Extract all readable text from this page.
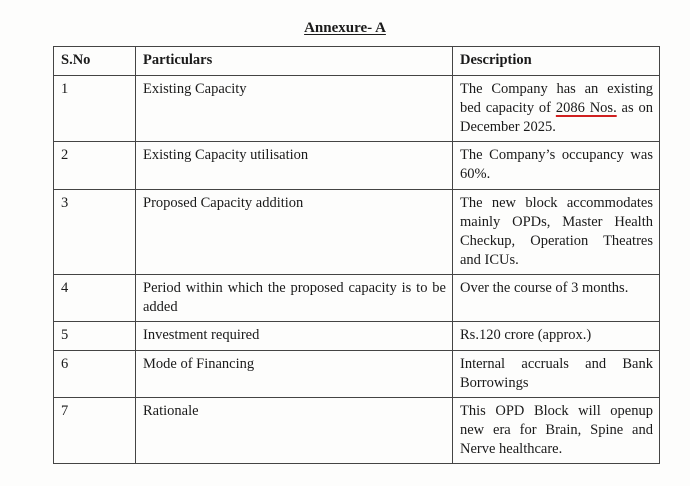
Annexure- A
S.No	Particulars	Description
1	Existing Capacity	The Company has an existing bed capacity of 2086 Nos. as on December 2025.
2	Existing Capacity utilisation	The Company’s occupancy was 60%.
3	Proposed Capacity addition	The new block accommodates mainly OPDs, Master Health Checkup, Operation Theatres and ICUs.
4	Period within which the proposed capacity is to be added	Over the course of 3 months.
5	Investment required	Rs.120 crore (approx.)
6	Mode of Financing	Internal accruals and Bank Borrowings
7	Rationale	This OPD Block will openup new era for Brain, Spine and Nerve healthcare.
